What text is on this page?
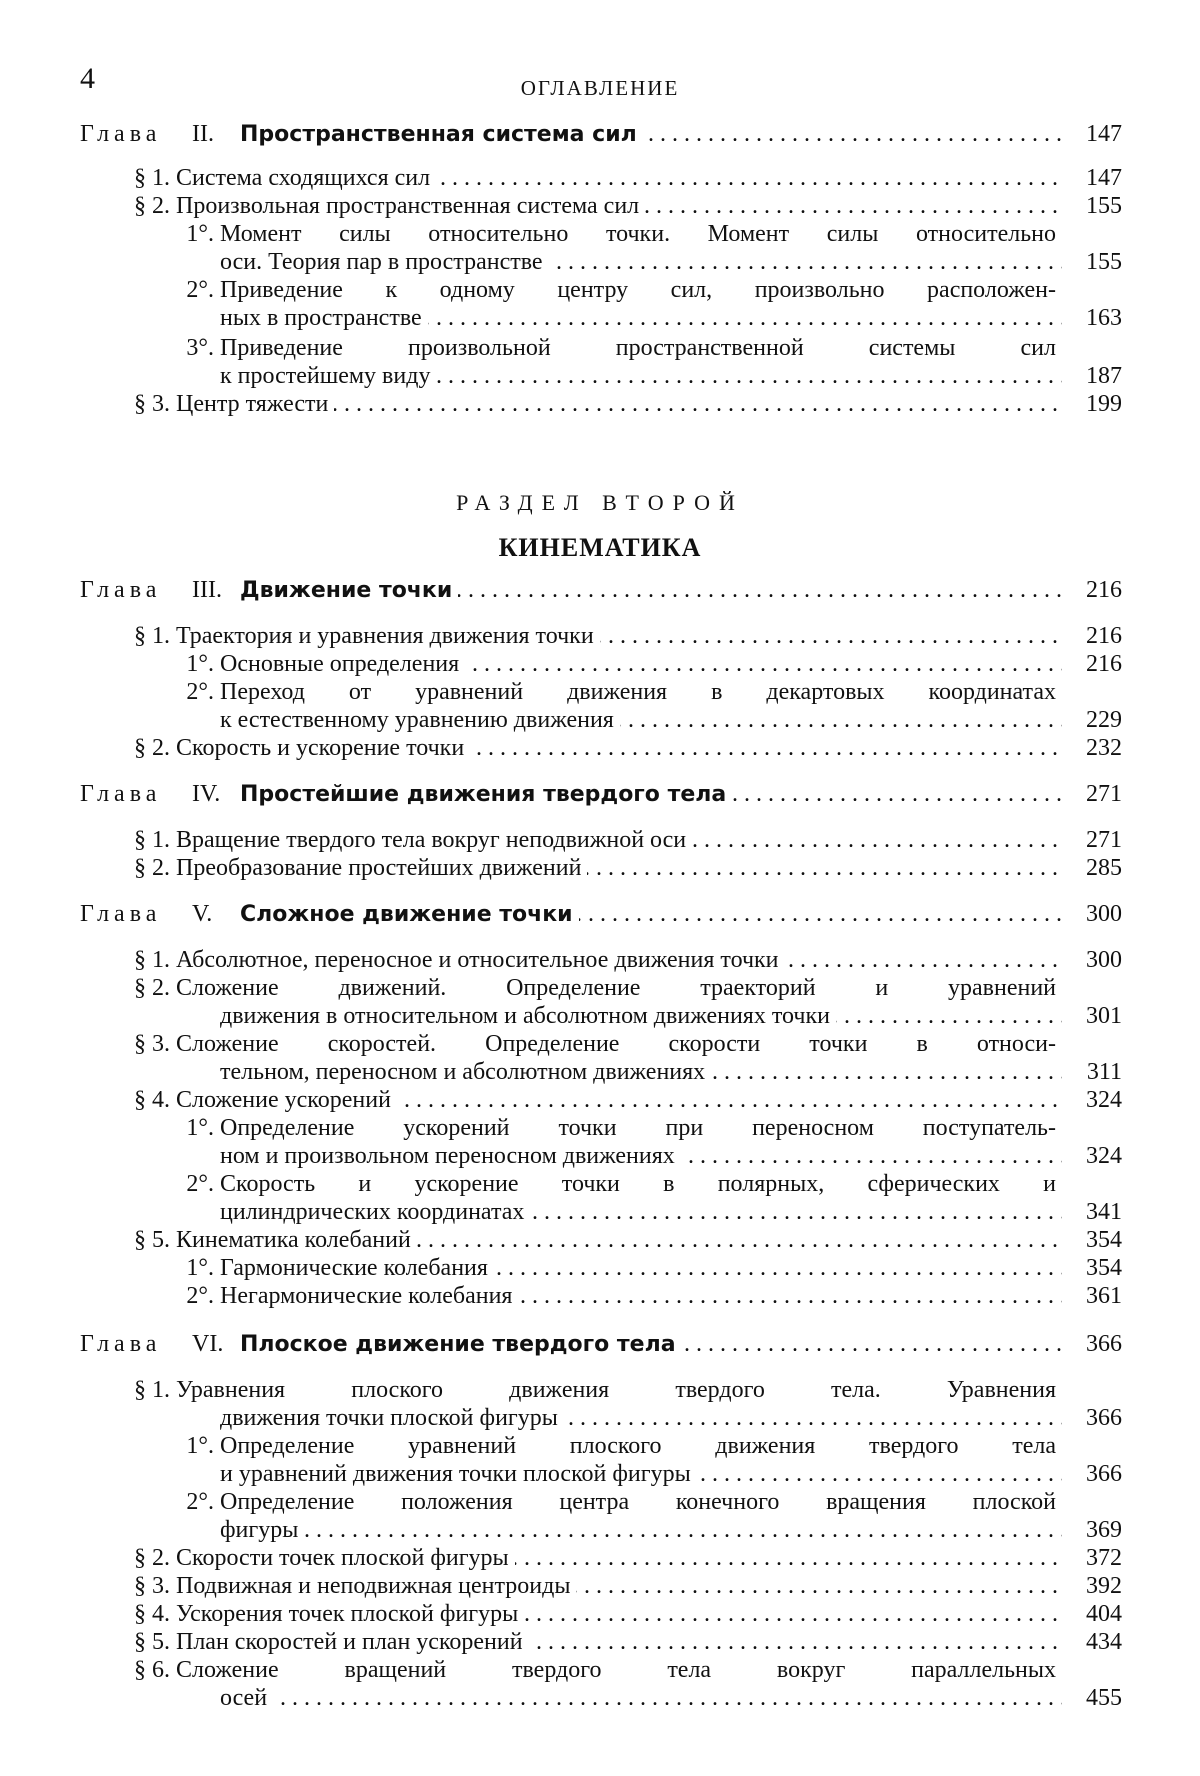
4	ОГЛАВЛЕНИЕ
РАЗДЕЛ ВТОРОЙ
КИНЕМАТИКА
Глава	II.	Пространственная система сил . . .	147
§ 1. Система сходящихся сил . . .	147
§ 2. Произвольная пространственная система сил . . .	155
1°. Момент силы относительно точки. Момент силы относительно
оси. Теория пар в пространстве . . .	155
2°. Приведение к одному центру сил, произвольно расположен-
ных в пространстве . . .	163
3°. Приведение произвольной пространственной системы сил
к простейшему виду . . .	187
§ 3. Центр тяжести . . .	199
Глава	III. Движение точки . . .	216
§ 1. Траектория и уравнения движения точки . . .	216
1°. Основные определения . . .	216
2°. Переход от уравнений движения в декартовых координатах
к естественному уравнению движения . . .	229
§ 2. Скорость и ускорение точки . . .	232
Глава	IV. Простейшие движения твердого тела . . .	271
§ 1. Вращение твердого тела вокруг неподвижной оси . . .	271
§ 2. Преобразование простейших движений . . .	285
Глава	V.	Сложное движение точки . . .	300
§ 1. Абсолютное, переносное и относительное движения точки . . .	300
§ 2. Сложение движений. Определение траекторий и уравнений
движения в относительном и абсолютном движениях точки . . .	301
§ 3. Сложение скоростей. Определение скорости точки в относи-
тельном, переносном и абсолютном движениях . . .	311
§ 4. Сложение ускорений . . .	324
1°. Определение ускорений точки при переносном поступатель-
ном и произвольном переносном движениях . . .	324
2°. Скорость и ускорение точки в полярных, сферических и
цилиндрических координатах . . .	341
§ 5. Кинематика колебаний . . .	354
1°. Гармонические колебания . . .	354
2°. Негармонические колебания . . .	361
Глава	VI. Плоское движение твердого тела . . .	366
§ 1. Уравнения плоского движения твердого тела. Уравнения
движения точки плоской фигуры . . .	366
1°. Определение уравнений плоского движения твердого тела
и уравнений движения точки плоской фигуры . . .	366
2°. Определение положения центра конечного вращения плоской
фигуры . . .	369
§ 2. Скорости точек плоской фигуры . . .	372
§ 3. Подвижная и неподвижная центроиды . . .	392
§ 4. Ускорения точек плоской фигуры . . .	404
§ 5. План скоростей и план ускорений . . .	434
§ 6. Сложение вращений твердого тела вокруг параллельных
осей . . .	455
